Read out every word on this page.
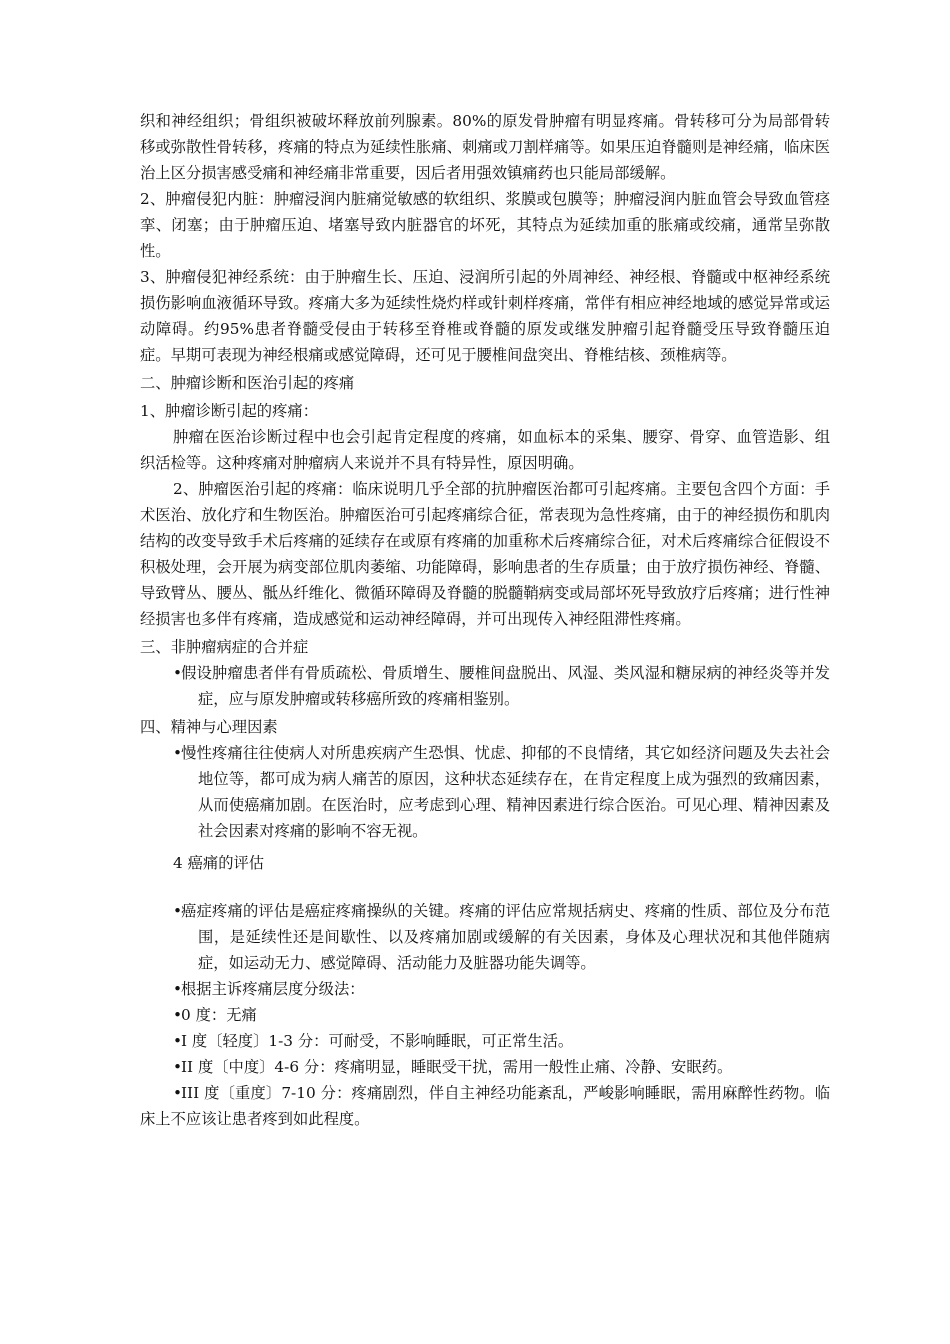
织和神经组织；骨组织被破坏释放前列腺素。80%的原发骨肿瘤有明显疼痛。骨转移可分为局部骨转移或弥散性骨转移，疼痛的特点为延续性胀痛、刺痛或刀割样痛等。如果压迫脊髓则是神经痛，临床医治上区分损害感受痛和神经痛非常重要，因后者用强效镇痛药也只能局部缓解。

2、肿瘤侵犯内脏：肿瘤浸润内脏痛觉敏感的软组织、浆膜或包膜等；肿瘤浸润内脏血管会导致血管痉挛、闭塞；由于肿瘤压迫、堵塞导致内脏器官的坏死，其特点为延续加重的胀痛或绞痛，通常呈弥散性。

3、肿瘤侵犯神经系统：由于肿瘤生长、压迫、浸润所引起的外周神经、神经根、脊髓或中枢神经系统损伤影响血液循环导致。疼痛大多为延续性烧灼样或针刺样疼痛，常伴有相应神经地域的感觉异常或运动障碍。约95%患者脊髓受侵由于转移至脊椎或脊髓的原发或继发肿瘤引起脊髓受压导致脊髓压迫症。早期可表现为神经根痛或感觉障碍，还可见于腰椎间盘突出、脊椎结核、颈椎病等。

二、肿瘤诊断和医治引起的疼痛

1、肿瘤诊断引起的疼痛：

肿瘤在医治诊断过程中也会引起肯定程度的疼痛，如血标本的采集、腰穿、骨穿、血管造影、组织活检等。这种疼痛对肿瘤病人来说并不具有特异性，原因明确。

2、肿瘤医治引起的疼痛：临床说明几乎全部的抗肿瘤医治都可引起疼痛。主要包含四个方面：手术医治、放化疗和生物医治。肿瘤医治可引起疼痛综合征，常表现为急性疼痛，由于的神经损伤和肌肉结构的改变导致手术后疼痛的延续存在或原有疼痛的加重称术后疼痛综合征，对术后疼痛综合征假设不积极处理，会开展为病变部位肌肉萎缩、功能障碍，影响患者的生存质量；由于放疗损伤神经、脊髓、导致臂丛、腰丛、骶丛纤维化、微循环障碍及脊髓的脱髓鞘病变或局部坏死导致放疗后疼痛；进行性神经损害也多伴有疼痛，造成感觉和运动神经障碍，并可出现传入神经阻滞性疼痛。

三、非肿瘤病症的合并症

•假设肿瘤患者伴有骨质疏松、骨质增生、腰椎间盘脱出、风湿、类风湿和糖尿病的神经炎等并发症，应与原发肿瘤或转移癌所致的疼痛相鉴别。

四、精神与心理因素

•慢性疼痛往往使病人对所患疾病产生恐惧、忧虑、抑郁的不良情绪，其它如经济问题及失去社会地位等，都可成为病人痛苦的原因，这种状态延续存在，在肯定程度上成为强烈的致痛因素，从而使癌痛加剧。在医治时，应考虑到心理、精神因素进行综合医治。可见心理、精神因素及社会因素对疼痛的影响不容无视。

4 癌痛的评估

•癌症疼痛的评估是癌症疼痛操纵的关键。疼痛的评估应常规括病史、疼痛的性质、部位及分布范围，是延续性还是间歇性、以及疼痛加剧或缓解的有关因素，身体及心理状况和其他伴随病症，如运动无力、感觉障碍、活动能力及脏器功能失调等。

•根据主诉疼痛层度分级法：

•0 度：无痛

•I 度〔轻度〕1-3 分：可耐受，不影响睡眠，可正常生活。

•II 度〔中度〕4-6 分：疼痛明显，睡眠受干扰，需用一般性止痛、冷静、安眠药。

•III 度〔重度〕7-10 分：疼痛剧烈，伴自主神经功能紊乱，严峻影响睡眠，需用麻醉性药物。临床上不应该让患者疼到如此程度。
